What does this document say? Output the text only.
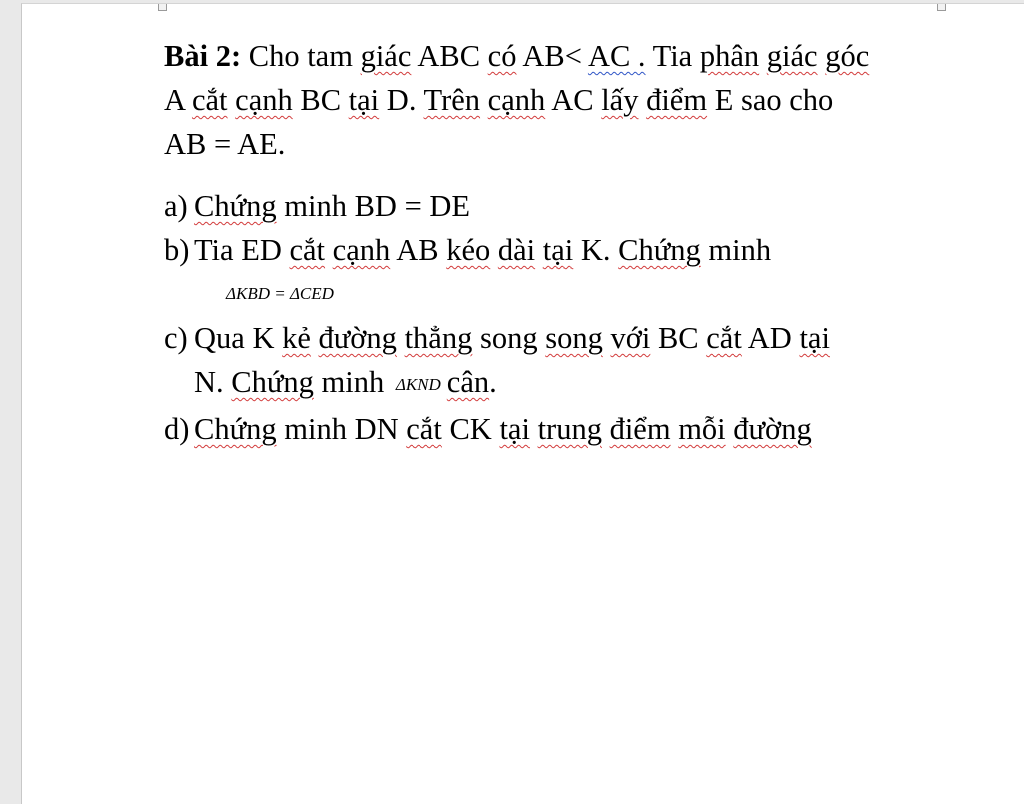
Bài 2: Cho tam giác ABC có AB< AC . Tia phân giác góc

A cắt cạnh BC tại D. Trên cạnh AC lấy điểm E sao cho

AB = AE.

a) Chứng minh BD = DE
b) Tia ED cắt cạnh AB kéo dài tại K. Chứng minh
ΔKBD = ΔCED
c) Qua K kẻ đường thẳng song song với BC cắt AD tại
N. Chứng minh ΔKND cân.
d) Chứng minh DN cắt CK tại trung điểm mỗi đường
